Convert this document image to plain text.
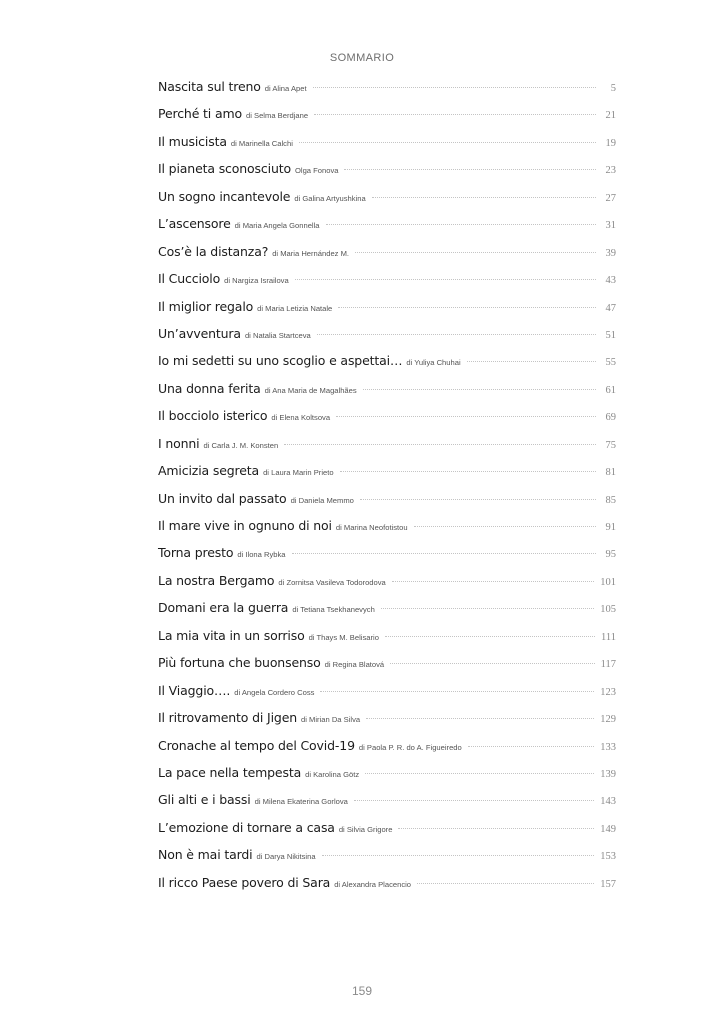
SOMMARIO
Nascita sul treno di Alina Apet	5
Perché ti amo di Selma Berdjane	21
Il musicista di Marinella Calchi	19
Il pianeta sconosciuto Olga Fonova	23
Un sogno incantevole di Galina Artyushkina	27
L’ascensore di Maria Angela Gonnella	31
Cos’è la distanza? di Maria Hernández M.	39
Il Cucciolo di Nargiza Israilova	43
Il miglior regalo di Maria Letizia Natale	47
Un’avventura di Natalia Startceva	51
Io mi sedetti su uno scoglio e aspettai… di Yuliya Chuhai	55
Una donna ferita di Ana Maria de Magalhães	61
Il bocciolo isterico di Elena Koltsova	69
I nonni di Carla J. M. Konsten	75
Amicizia segreta di Laura Marin Prieto	81
Un invito dal passato di Daniela Memmo	85
Il mare vive in ognuno di noi di Marina Neofotistou	91
Torna presto di Ilona Rybka	95
La nostra Bergamo di Zornitsa Vasileva Todorodova	101
Domani era la guerra di Tetiana Tsekhanevych	105
La mia vita in un sorriso di Thays M. Belisario	111
Più fortuna che buonsenso di Regina Blatová	117
Il Viaggio…. di Angela Cordero Coss	123
Il ritrovamento di Jigen di Mirian Da Silva	129
Cronache al tempo del Covid-19 di Paola P. R. do A. Figueiredo	133
La pace nella tempesta di Karolina Götz	139
Gli alti e i bassi di Milena Ekaterina Gorlova	143
L’emozione di tornare a casa di Silvia Grigore	149
Non è mai tardi di Darya Nikitsina	153
Il ricco Paese povero di Sara di Alexandra Placencio	157
159
